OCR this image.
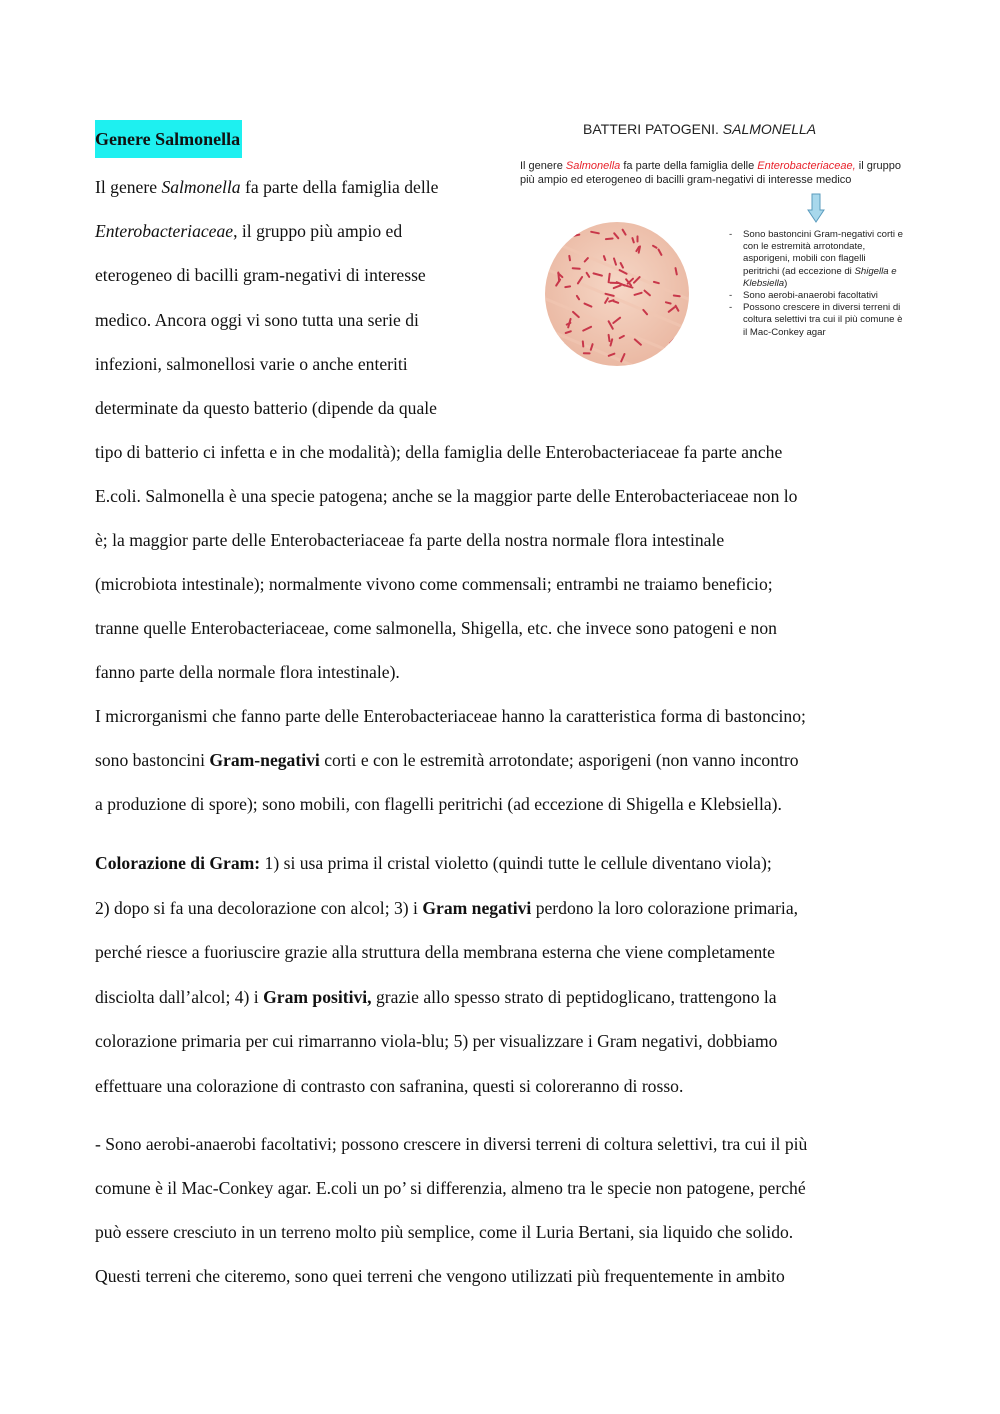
Genere Salmonella	BATTERI PATOGENI. SALMONELLA
Il genere Salmonella fa parte della famiglia delle Enterobacteriaceae, il gruppo più ampio ed eterogeneo di bacilli gram-negativi di interesse medico
- Sono bastoncini Gram-negativi corti e con le estremità arrotondate, asporigeni, mobili con flagelli peritrichi (ad eccezione di Shigella e Klebsiella)
- Sono aerobi-anaerobi facoltativi
- Possono crescere in diversi terreni di coltura selettivi tra cui il più comune è il Mac-Conkey agar
Il genere Salmonella fa parte della famiglia delle
Enterobacteriaceae, il gruppo più ampio ed
eterogeneo di bacilli gram-negativi di interesse
medico. Ancora oggi vi sono tutta una serie di
infezioni, salmonellosi varie o anche enteriti
determinate da questo batterio (dipende da quale
tipo di batterio ci infetta e in che modalità); della famiglia delle Enterobacteriaceae fa parte anche
E.coli. Salmonella è una specie patogena; anche se la maggior parte delle Enterobacteriaceae non lo
è; la maggior parte delle Enterobacteriaceae fa parte della nostra normale flora intestinale
(microbiota intestinale); normalmente vivono come commensali; entrambi ne traiamo beneficio;
tranne quelle Enterobacteriaceae, come salmonella, Shigella, etc. che invece sono patogeni e non
fanno parte della normale flora intestinale).
I microrganismi che fanno parte delle Enterobacteriaceae hanno la caratteristica forma di bastoncino;
sono bastoncini Gram-negativi corti e con le estremità arrotondate; asporigeni (non vanno incontro
a produzione di spore); sono mobili, con flagelli peritrichi (ad eccezione di Shigella e Klebsiella).
Colorazione di Gram: 1) si usa prima il cristal violetto (quindi tutte le cellule diventano viola);
2) dopo si fa una decolorazione con alcol; 3) i Gram negativi perdono la loro colorazione primaria,
perché riesce a fuoriuscire grazie alla struttura della membrana esterna che viene completamente
disciolta dall’alcol; 4) i Gram positivi, grazie allo spesso strato di peptidoglicano, trattengono la
colorazione primaria per cui rimarranno viola-blu; 5) per visualizzare i Gram negativi, dobbiamo
effettuare una colorazione di contrasto con safranina, questi si coloreranno di rosso.
- Sono aerobi-anaerobi facoltativi; possono crescere in diversi terreni di coltura selettivi, tra cui il più
comune è il Mac-Conkey agar. E.coli un po’ si differenzia, almeno tra le specie non patogene, perché
può essere cresciuto in un terreno molto più semplice, come il Luria Bertani, sia liquido che solido.
Questi terreni che citeremo, sono quei terreni che vengono utilizzati più frequentemente in ambito
